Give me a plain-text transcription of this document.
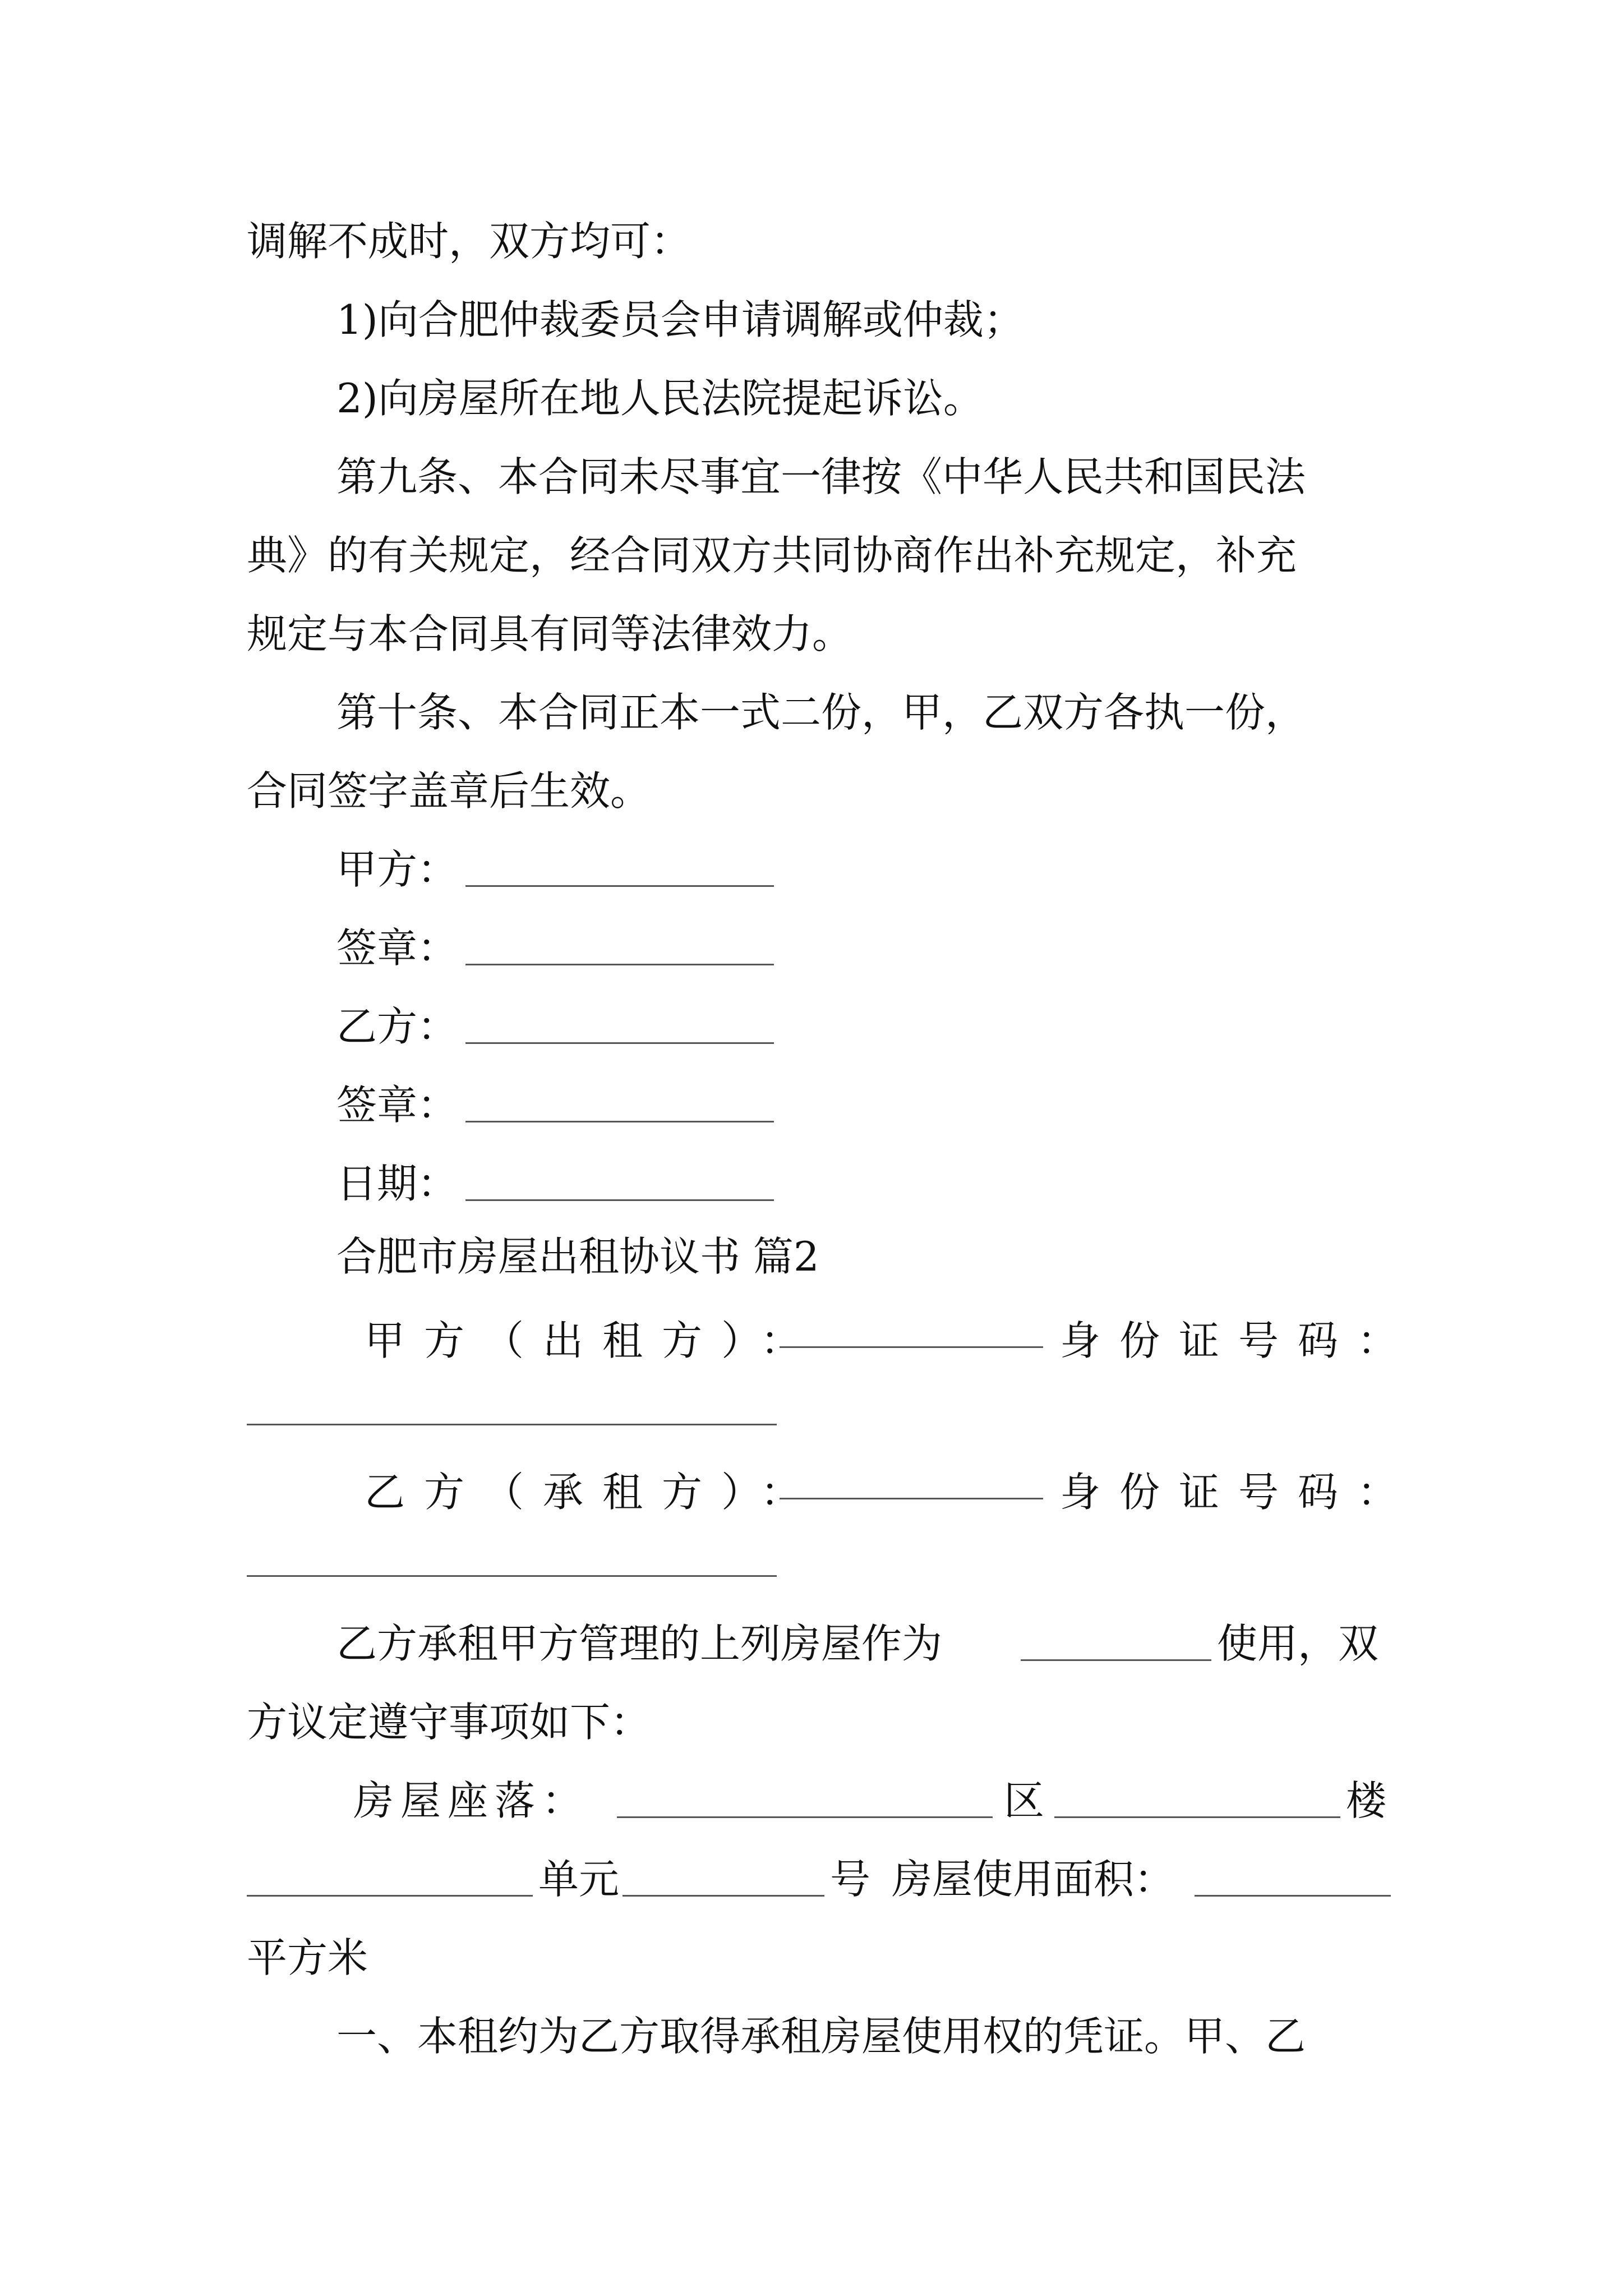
调解不成时，双方均可：
1)向合肥仲裁委员会申请调解或仲裁；
2)向房屋所在地人民法院提起诉讼。
第九条、本合同未尽事宜一律按《中华人民共和国民法
典》的有关规定，经合同双方共同协商作出补充规定，补充
规定与本合同具有同等法律效力。
第十条、本合同正本一式二份，甲，乙双方各执一份，
合同签字盖章后生效。
甲方：
签章：
乙方：
签章：
日期：
合肥市房屋出租协议书 篇2
甲方（出租方）：	身份证号码：
乙方（承租方）：	身份证号码：
乙方承租甲方管理的上列房屋作为	使用，双
方议定遵守事项如下：
房屋座落：	区	楼
单元	号 房屋使用面积：
平方米
一、本租约为乙方取得承租房屋使用权的凭证。甲、乙
